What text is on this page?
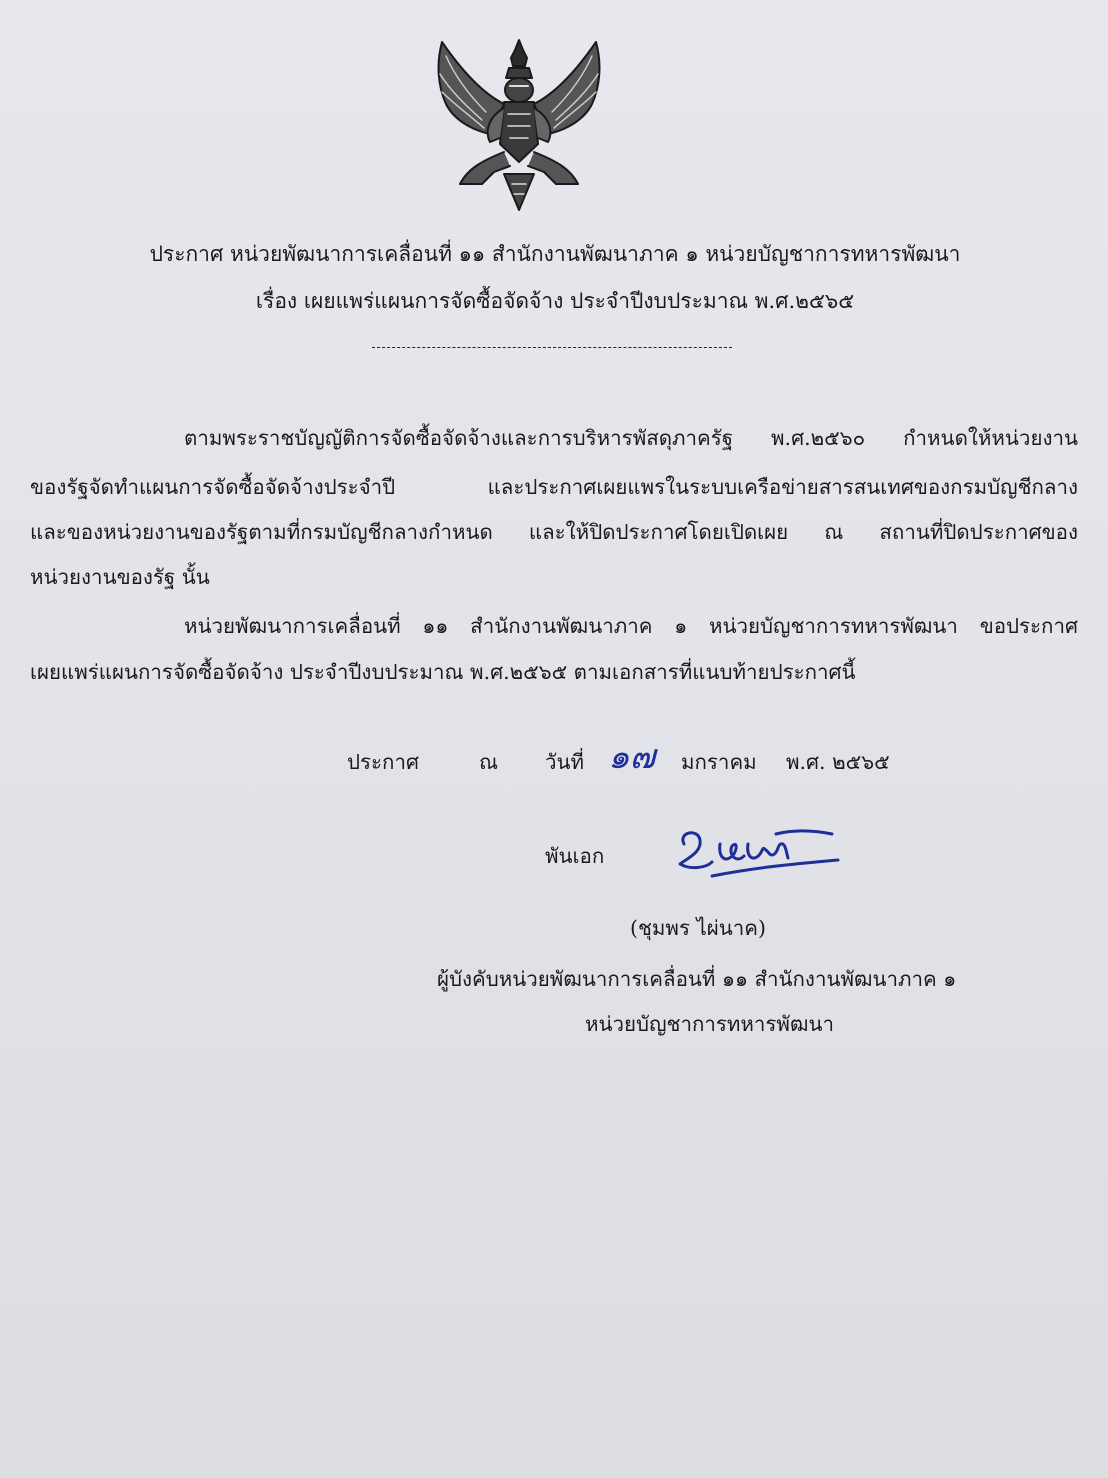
ประกาศ หน่วยพัฒนาการเคลื่อนที่ ๑๑ สำนักงานพัฒนาภาค ๑ หน่วยบัญชาการทหารพัฒนา
เรื่อง เผยแพร่แผนการจัดซื้อจัดจ้าง ประจำปีงบประมาณ พ.ศ.๒๕๖๕
ตามพระราชบัญญัติการจัดซื้อจัดจ้างและการบริหารพัสดุภาครัฐ พ.ศ.๒๕๖๐ กำหนดให้หน่วยงาน
ของรัฐจัดทำแผนการจัดซื้อจัดจ้างประจำปี และประกาศเผยแพรในระบบเครือข่ายสารสนเทศของกรมบัญชีกลาง
และของหน่วยงานของรัฐตามที่กรมบัญชีกลางกำหนด และให้ปิดประกาศโดยเปิดเผย ณ สถานที่ปิดประกาศของ
หน่วยงานของรัฐ นั้น
หน่วยพัฒนาการเคลื่อนที่ ๑๑ สำนักงานพัฒนาภาค ๑ หน่วยบัญชาการทหารพัฒนา ขอประกาศ
เผยแพร่แผนการจัดซื้อจัดจ้าง ประจำปีงบประมาณ พ.ศ.๒๕๖๕ ตามเอกสารที่แนบท้ายประกาศนี้
ประกาศ	ณ วันที่ ๑๗ มกราคม พ.ศ. ๒๕๖๕
พันเอก
(ชุมพร ไผ่นาค)
ผู้บังคับหน่วยพัฒนาการเคลื่อนที่ ๑๑ สำนักงานพัฒนาภาค ๑
หน่วยบัญชาการทหารพัฒนา
